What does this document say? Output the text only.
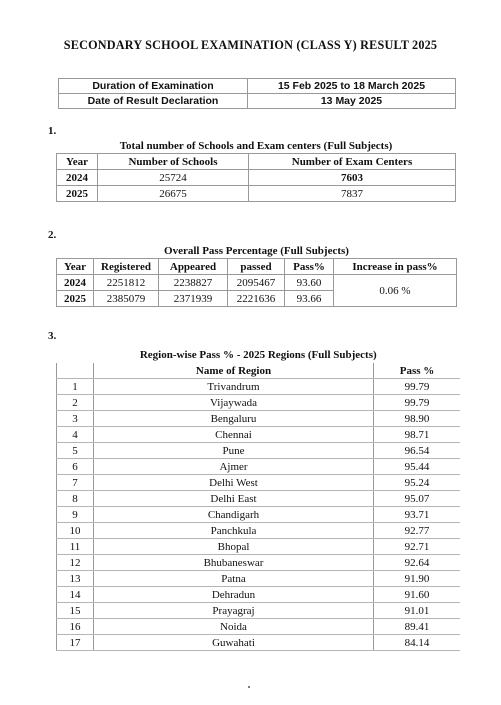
SECONDARY SCHOOL EXAMINATION (CLASS Y) RESULT 2025
Duration of Examination	15 Feb 2025 to 18 March 2025
Date of Result Declaration	13 May 2025
1.
Total number of Schools and Exam centers (Full Subjects)		
Year	Number of Schools	Number of Exam Centers
2024	25724	7603
2025	26675	7837
2.
Overall Pass Percentage (Full Subjects)					
Year	Registered	Appeared	passed	Pass%	Increase in pass%
2024	2251812	2238827	2095467	93.60	0.06 %
2025	2385079	2371939	2221636	93.66	
3.
Region-wise Pass % - 2025 Regions (Full Subjects)		
	Name of Region	Pass %
1	Trivandrum	99.79
2	Vijaywada	99.79
3	Bengaluru	98.90
4	Chennai	98.71
5	Pune	96.54
6	Ajmer	95.44
7	Delhi West	95.24
8	Delhi East	95.07
9	Chandigarh	93.71
10	Panchkula	92.77
11	Bhopal	92.71
12	Bhubaneswar	92.64
13	Patna	91.90
14	Dehradun	91.60
15	Prayagraj	91.01
16	Noida	89.41
17	Guwahati	84.14
